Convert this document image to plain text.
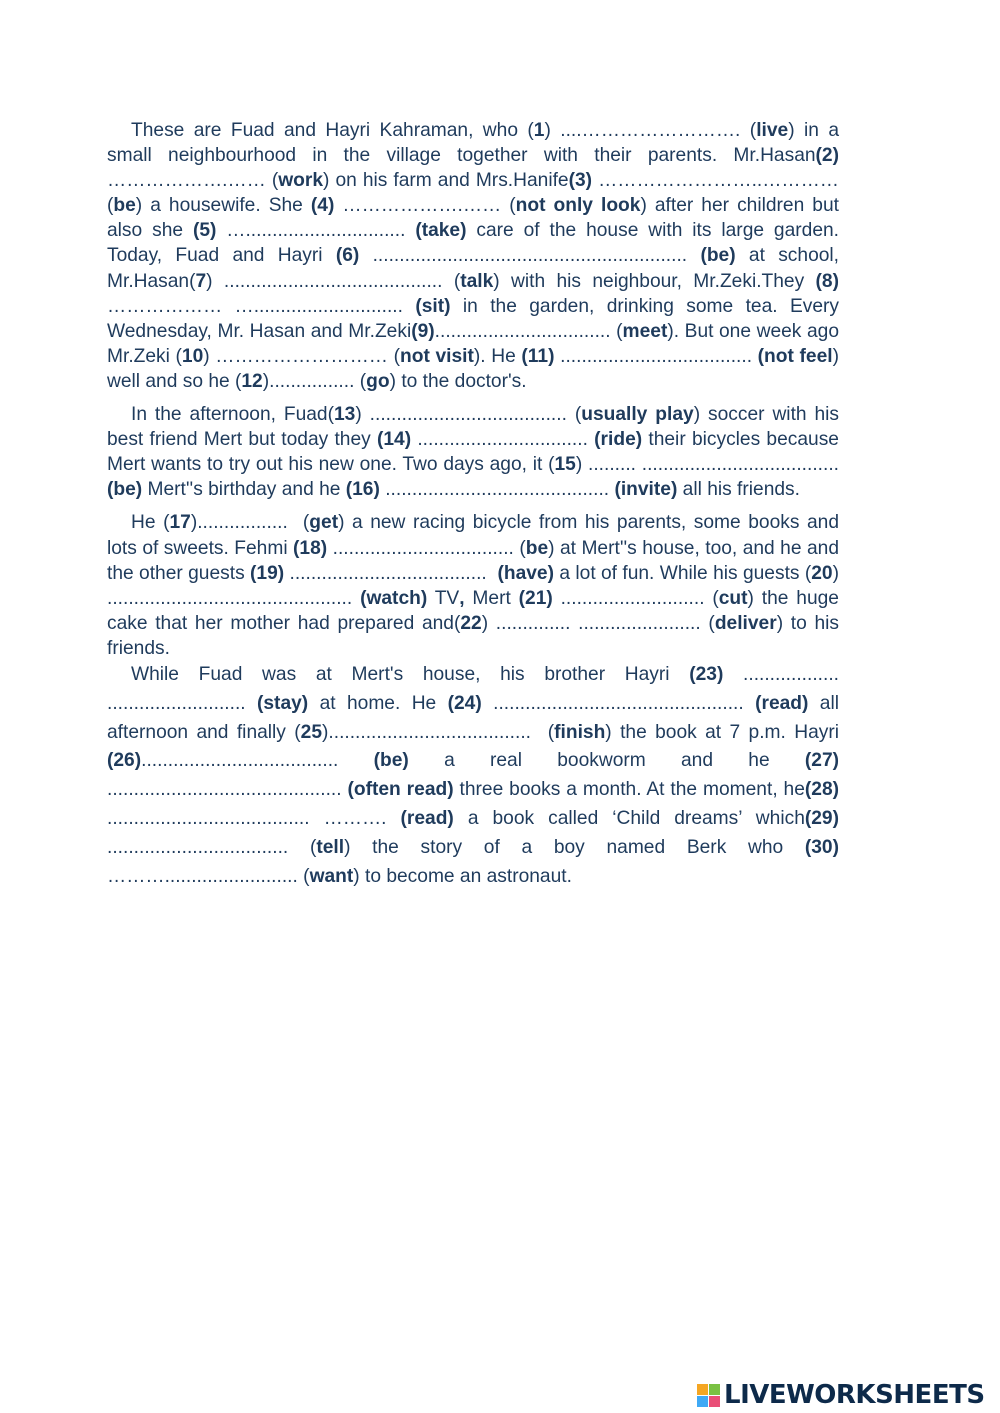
These are Fuad and Hayri Kahraman, who (1) ....……………………. (live) in a small neighbourhood in the village together with their parents. Mr.Hasan(2) ……………….…… (work) on his farm and Mrs.Hanife(3) ……………………..………… (be) a housewife. She (4) ……………….…… (not only look) after her children but also she (5) ….............................. (take) care of the house with its large garden. Today, Fuad and Hayri (6) ........................................................... (be) at school, Mr.Hasan(7) ......................................... (talk) with his neighbour, Mr.Zeki.They (8) ……………… …............................ (sit) in the garden, drinking some tea. Every Wednesday, Mr. Hasan and Mr.Zeki(9)................................. (meet). But one week ago Mr.Zeki (10) ……………………… (not visit). He (11) .................................... (not feel) well and so he (12)................ (go) to the doctor's.

In the afternoon, Fuad(13) ..................................... (usually play) soccer with his best friend Mert but today they (14) ................................ (ride) their bicycles because Mert wants to try out his new one. Two days ago, it (15) ......... ..................................... (be) Mert''s birthday and he (16) .......................................... (invite) all his friends.

He (17).................  (get) a new racing bicycle from his parents, some books and lots of sweets. Fehmi (18) .................................. (be) at Mert''s house, too, and he and the other guests (19) .....................................  (have) a lot of fun. While his guests (20) .............................................. (watch) TV, Mert (21) ........................... (cut) the huge cake that her mother had prepared and(22) .............. ....................... (deliver) to his friends.

While Fuad was at Mert's house, his brother Hayri (23) .................. .......................... (stay) at home. He (24) ............................................... (read) all afternoon and finally (25)......................................  (finish) the book at 7 p.m. Hayri (26)..................................... (be) a real bookworm and he (27) ............................................ (often read) three books a month. At the moment, he(28) ...................................... ………. (read) a book called ‘Child dreams’ which(29) .................................. (tell) the story of a boy named Berk who (30) ………......................... (want) to become an astronaut.

LIVEWORKSHEETS
